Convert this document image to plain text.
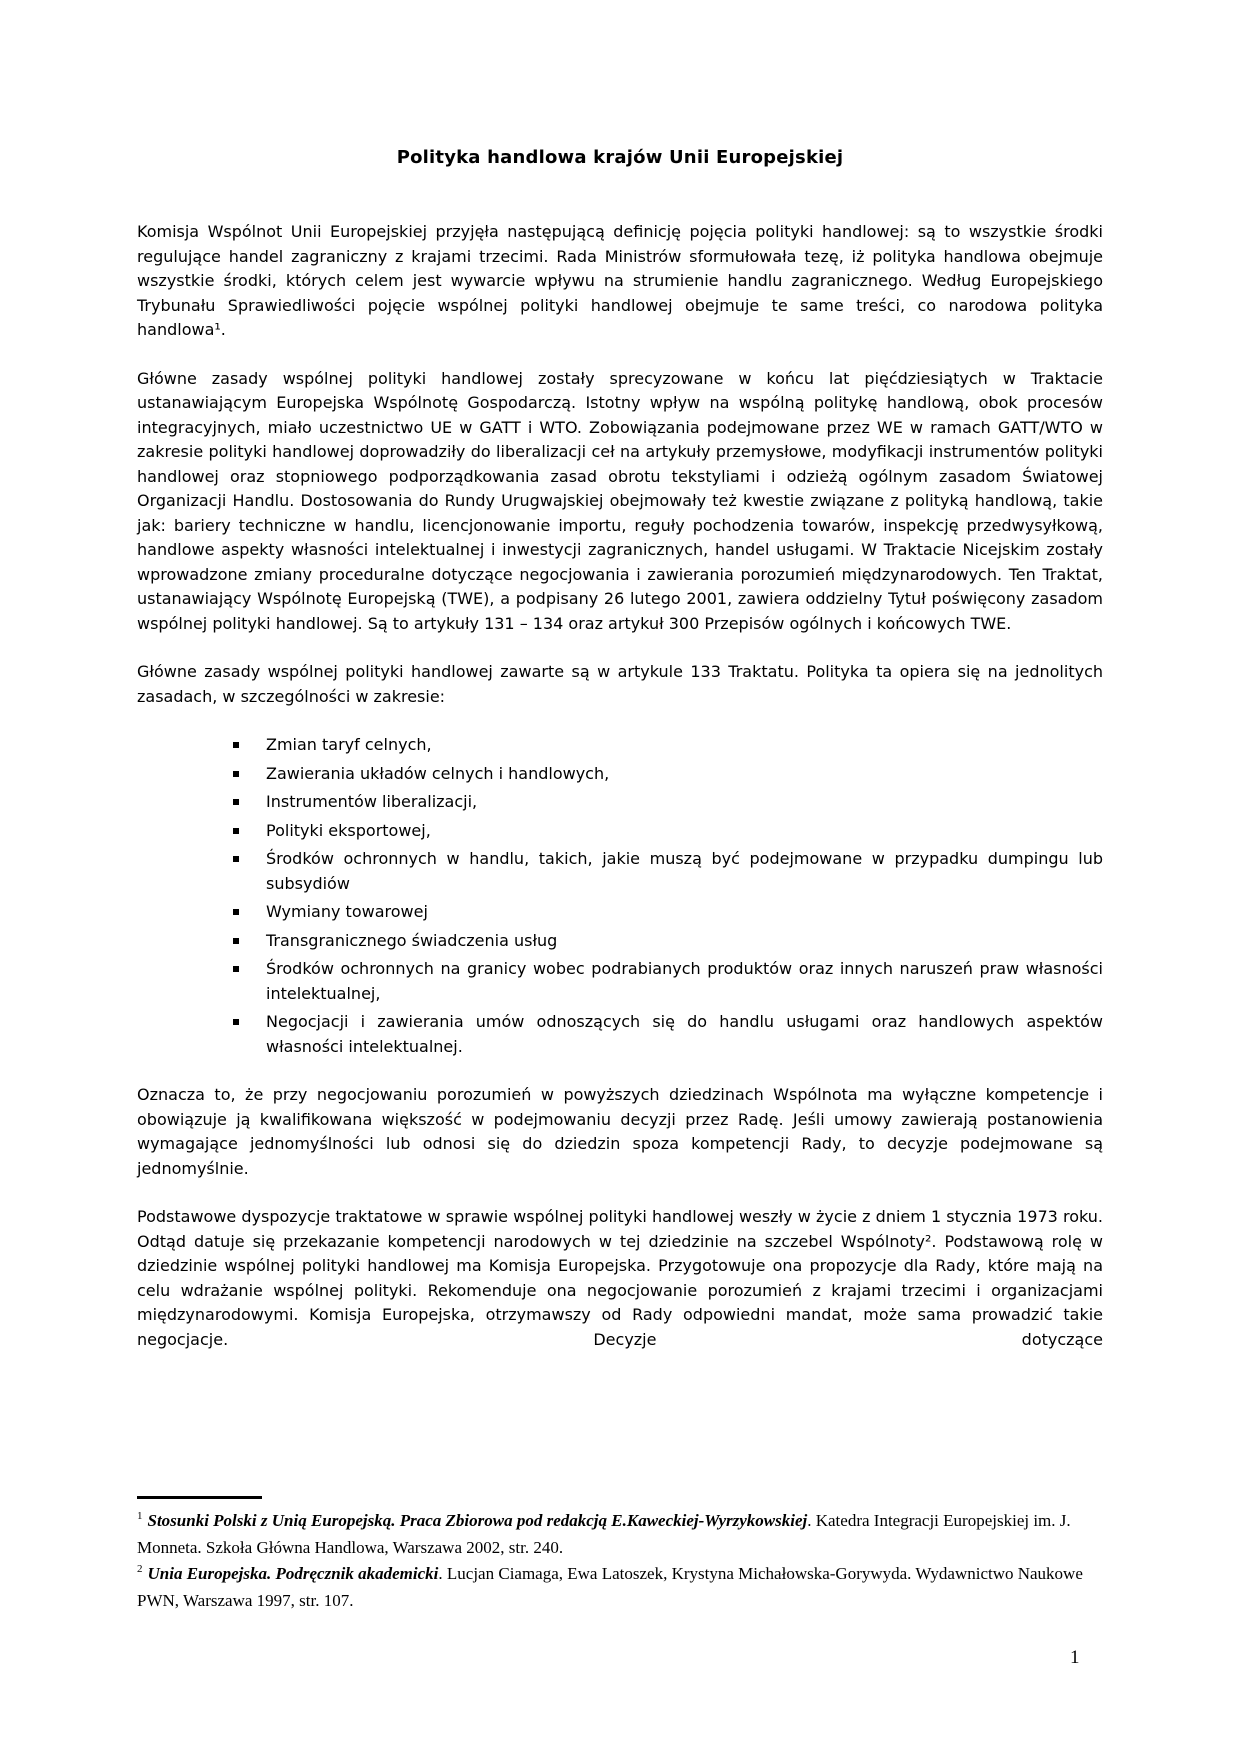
Polityka handlowa krajów Unii Europejskiej

Komisja Wspólnot Unii Europejskiej przyjęła następującą definicję pojęcia polityki handlowej: są to wszystkie środki regulujące handel zagraniczny z krajami trzecimi. Rada Ministrów sformułowała tezę, iż polityka handlowa obejmuje wszystkie środki, których celem jest wywarcie wpływu na strumienie handlu zagranicznego. Według Europejskiego Trybunału Sprawiedliwości pojęcie wspólnej polityki handlowej obejmuje te same treści, co narodowa polityka handlowa¹.

Główne zasady wspólnej polityki handlowej zostały sprecyzowane w końcu lat pięćdziesiątych w Traktacie ustanawiającym Europejska Wspólnotę Gospodarczą. Istotny wpływ na wspólną politykę handlową, obok procesów integracyjnych, miało uczestnictwo UE w GATT i WTO. Zobowiązania podejmowane przez WE w ramach GATT/WTO w zakresie polityki handlowej doprowadziły do liberalizacji ceł na artykuły przemysłowe, modyfikacji instrumentów polityki handlowej oraz stopniowego podporządkowania zasad obrotu tekstyliami i odzieżą ogólnym zasadom Światowej Organizacji Handlu. Dostosowania do Rundy Urugwajskiej obejmowały też kwestie związane z polityką handlową, takie jak: bariery techniczne w handlu, licencjonowanie importu, reguły pochodzenia towarów, inspekcję przedwysyłkową, handlowe aspekty własności intelektualnej i inwestycji zagranicznych, handel usługami. W Traktacie Nicejskim zostały wprowadzone zmiany proceduralne dotyczące negocjowania i zawierania porozumień międzynarodowych. Ten Traktat, ustanawiający Wspólnotę Europejską (TWE), a podpisany 26 lutego 2001, zawiera oddzielny Tytuł poświęcony zasadom wspólnej polityki handlowej. Są to artykuły 131 – 134 oraz artykuł 300 Przepisów ogólnych i końcowych TWE.

Główne zasady wspólnej polityki handlowej zawarte są w artykule 133 Traktatu. Polityka ta opiera się na jednolitych zasadach, w szczególności w zakresie:

Zmian taryf celnych,
Zawierania układów celnych i handlowych,
Instrumentów liberalizacji,
Polityki eksportowej,
Środków ochronnych w handlu, takich, jakie muszą być podejmowane w przypadku dumpingu lub subsydiów
Wymiany towarowej
Transgranicznego świadczenia usług
Środków ochronnych na granicy wobec podrabianych produktów oraz innych naruszeń praw własności intelektualnej,
Negocjacji i zawierania umów odnoszących się do handlu usługami oraz handlowych aspektów własności intelektualnej.

Oznacza to, że przy negocjowaniu porozumień w powyższych dziedzinach Wspólnota ma wyłączne kompetencje i obowiązuje ją kwalifikowana większość w podejmowaniu decyzji przez Radę. Jeśli umowy zawierają postanowienia wymagające jednomyślności lub odnosi się do dziedzin spoza kompetencji Rady, to decyzje podejmowane są jednomyślnie.

Podstawowe dyspozycje traktatowe w sprawie wspólnej polityki handlowej weszły w życie z dniem 1 stycznia 1973 roku. Odtąd datuje się przekazanie kompetencji narodowych w tej dziedzinie na szczebel Wspólnoty². Podstawową rolę w dziedzinie wspólnej polityki handlowej ma Komisja Europejska. Przygotowuje ona propozycje dla Rady, które mają na celu wdrażanie wspólnej polityki. Rekomenduje ona negocjowanie porozumień z krajami trzecimi i organizacjami międzynarodowymi. Komisja Europejska, otrzymawszy od Rady odpowiedni mandat, może sama prowadzić takie negocjacje. Decyzje dotyczące

$^1$ Stosunki Polski z Unią Europejską. Praca Zbiorowa pod redakcją E.Kaweckiej-Wyrzykowskiej. Katedra Integracji Europejskiej im. J. Monneta. Szkoła Główna Handlowa, Warszawa 2002, str. 240.

$^2$ Unia Europejska. Podręcznik akademicki. Lucjan Ciamaga, Ewa Latoszek, Krystyna Michałowska-Gorywyda. Wydawnictwo Naukowe PWN, Warszawa 1997, str. 107.

1
